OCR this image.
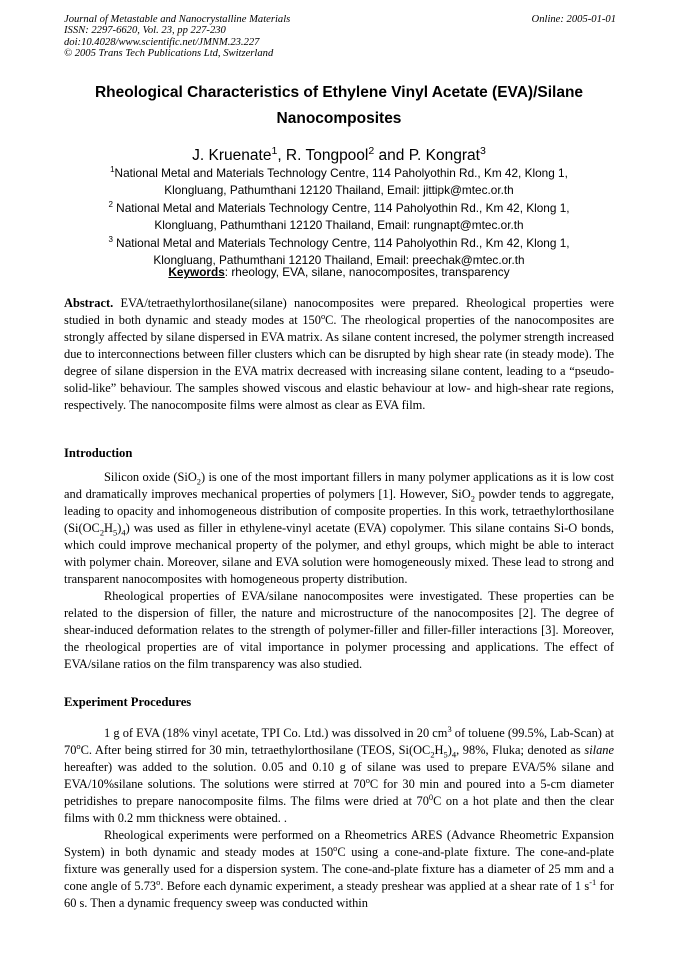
Journal of Metastable and Nanocrystalline Materials
ISSN: 2297-6620, Vol. 23, pp 227-230
doi:10.4028/www.scientific.net/JMNM.23.227
© 2005 Trans Tech Publications Ltd, Switzerland
Online: 2005-01-01
Rheological Characteristics of Ethylene Vinyl Acetate (EVA)/Silane
Nanocomposites
J. Kruenate$^1$, R. Tongpool$^2$ and P. Kongrat$^3$
$^1$National Metal and Materials Technology Centre, 114 Paholyothin Rd., Km 42, Klong 1,
Klongluang, Pathumthani 12120 Thailand, Email: jittipk@mtec.or.th
$^2$ National Metal and Materials Technology Centre, 114 Paholyothin Rd., Km 42, Klong 1,
Klongluang, Pathumthani 12120 Thailand, Email: rungnapt@mtec.or.th
$^3$ National Metal and Materials Technology Centre, 114 Paholyothin Rd., Km 42, Klong 1,
Klongluang, Pathumthani 12120 Thailand, Email: preechak@mtec.or.th
Keywords: rheology, EVA, silane, nanocomposites, transparency

Abstract. EVA/tetraethylorthosilane(silane) nanocomposites were prepared. Rheological properties were studied in both dynamic and steady modes at 150$^o$C. The rheological properties of the nanocomposites are strongly affected by silane dispersed in EVA matrix. As silane content incresed, the polymer strength increased due to interconnections between filler clusters which can be disrupted by high shear rate (in steady mode). The degree of silane dispersion in the EVA matrix decreased with increasing silane content, leading to a “pseudo-solid-like” behaviour. The samples showed viscous and elastic behaviour at low- and high-shear rate regions, respectively. The nanocomposite films were almost as clear as EVA film.

Introduction

Silicon oxide (SiO$_2$) is one of the most important fillers in many polymer applications as it is low cost and dramatically improves mechanical properties of polymers [1]. However, SiO$_2$ powder tends to aggregate, leading to opacity and inhomogeneous distribution of composite properties. In this work, tetraethylorthosilane $(Si(OC_2H_5)_4)$ was used as filler in ethylene-vinyl acetate (EVA) copolymer. This silane contains Si-O bonds, which could improve mechanical property of the polymer, and ethyl groups, which might be able to interact with polymer chain. Moreover, silane and EVA solution were homogeneously mixed. These lead to strong and transparent nanocomposites with homogeneous property distribution.

Rheological properties of EVA/silane nanocomposites were investigated. These properties can be related to the dispersion of filler, the nature and microstructure of the nanocomposites [2]. The degree of shear-induced deformation relates to the strength of polymer-filler and filler-filler interactions [3]. Moreover, the rheological properties are of vital importance in polymer processing and applications. The effect of EVA/silane ratios on the film transparency was also studied.

Experiment Procedures

1 g of EVA (18% vinyl acetate, TPI Co. Ltd.) was dissolved in 20 $cm^3$ of toluene (99.5%, Lab-Scan) at 70$^o$C. After being stirred for 30 min, tetraethylorthosilane (TEOS, $Si(OC_2H_5)_4$, 98%, Fluka; denoted as silane hereafter) was added to the solution. 0.05 and 0.10 g of silane was used to prepare EVA/5% silane and EVA/10%silane solutions. The solutions were stirred at 70$^o$C for 30 min and poured into a 5-cm diameter petridishes to prepare nanocomposite films. The films were dried at $70^0C$ on a hot plate and then the clear films with 0.2 mm thickness were obtained. .

Rheological experiments were performed on a Rheometrics ARES (Advance Rheometric Expansion System) in both dynamic and steady modes at 150$^o$C using a cone-and-plate fixture. The cone-and-plate fixture was generally used for a dispersion system. The cone-and-plate fixture has a diameter of 25 mm and a cone angle of 5.73$^o$. Before each dynamic experiment, a steady preshear was applied at a shear rate of 1 $s^{-1}$ for 60 s. Then a dynamic frequency sweep was conducted within
